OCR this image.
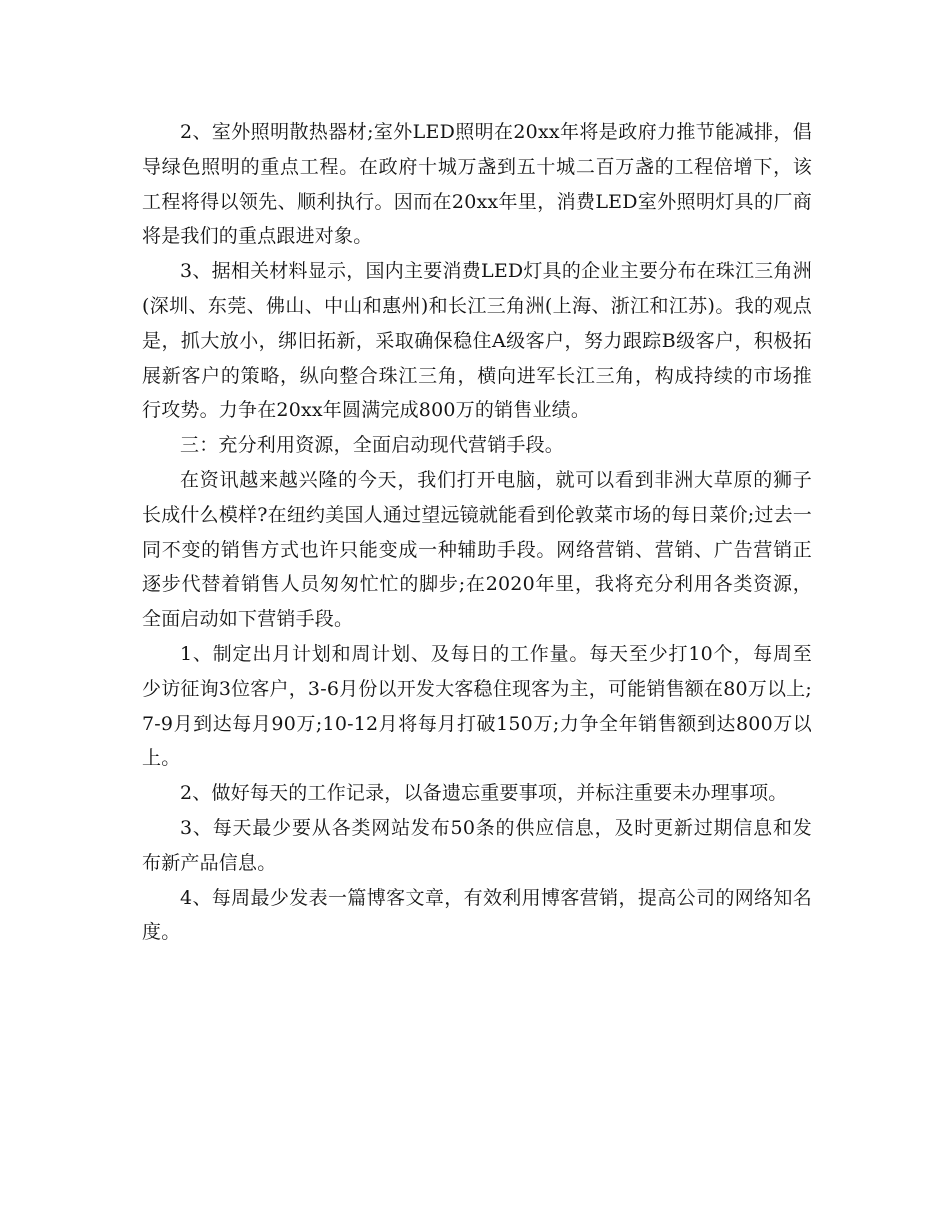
2、室外照明散热器材;室外LED照明在20xx年将是政府力推节能减排，倡导绿色照明的重点工程。在政府十城万盏到五十城二百万盏的工程倍增下，该工程将得以领先、顺利执行。因而在20xx年里，消费LED室外照明灯具的厂商将是我们的重点跟进对象。

3、据相关材料显示，国内主要消费LED灯具的企业主要分布在珠江三角洲(深圳、东莞、佛山、中山和惠州)和长江三角洲(上海、浙江和江苏)。我的观点是，抓大放小，绑旧拓新，采取确保稳住A级客户，努力跟踪B级客户，积极拓展新客户的策略，纵向整合珠江三角，横向进军长江三角，构成持续的市场推行攻势。力争在20xx年圆满完成800万的销售业绩。

三：充分利用资源，全面启动现代营销手段。

在资讯越来越兴隆的今天，我们打开电脑，就可以看到非洲大草原的狮子长成什么模样?在纽约美国人通过望远镜就能看到伦敦菜市场的每日菜价;过去一同不变的销售方式也许只能变成一种辅助手段。网络营销、营销、广告营销正逐步代替着销售人员匆匆忙忙的脚步;在2020年里，我将充分利用各类资源，全面启动如下营销手段。

1、制定出月计划和周计划、及每日的工作量。每天至少打10个，每周至少访征询3位客户，3-6月份以开发大客稳住现客为主，可能销售额在80万以上;7-9月到达每月90万;10-12月将每月打破150万;力争全年销售额到达800万以上。

2、做好每天的工作记录，以备遗忘重要事项，并标注重要未办理事项。

3、每天最少要从各类网站发布50条的供应信息，及时更新过期信息和发布新产品信息。

4、每周最少发表一篇博客文章，有效利用博客营销，提高公司的网络知名度。
